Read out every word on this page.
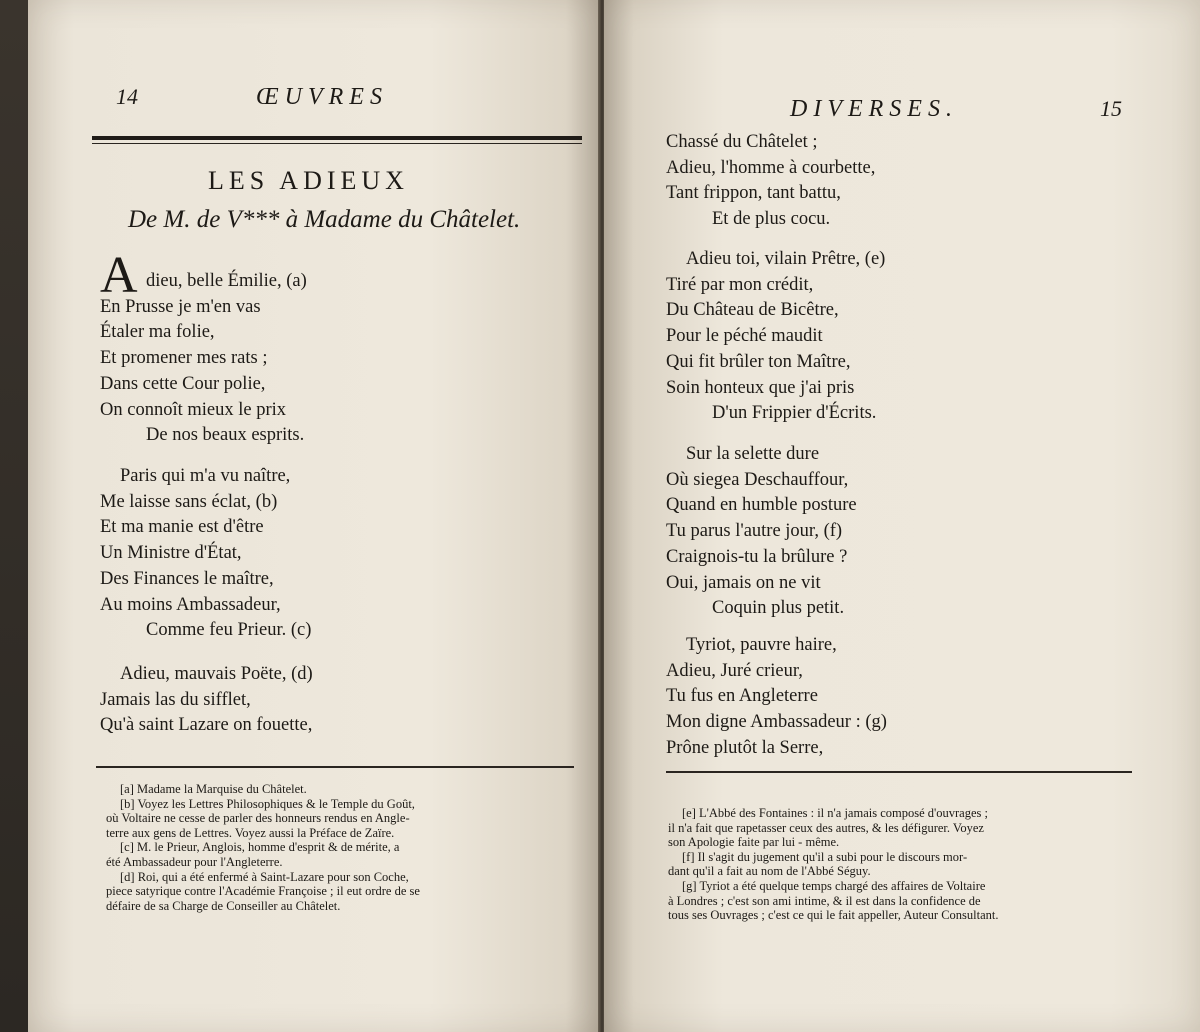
14	ŒUVRES
LES ADIEUX
De M. de V*** à Madame du Châtelet.
A dieu, belle Émilie, (a)
En Prusse je m'en vas
Étaler ma folie,
Et promener mes rats ;
Dans cette Cour polie,
On connoît mieux le prix
De nos beaux esprits.
Paris qui m'a vu naître,
Me laisse sans éclat, (b)
Et ma manie est d'être
Un Ministre d'État,
Des Finances le maître,
Au moins Ambassadeur,
Comme feu Prieur. (c)
Adieu, mauvais Poëte, (d)
Jamais las du sifflet,
Qu'à saint Lazare on fouette,
[a] Madame la Marquise du Châtelet.
[b] Voyez les Lettres Philosophiques & le Temple du Goût,
où Voltaire ne cesse de parler des honneurs rendus en Angle-
terre aux gens de Lettres. Voyez aussi la Préface de Zaïre.
[c] M. le Prieur, Anglois, homme d'esprit & de mérite, a
été Ambassadeur pour l'Angleterre.
[d] Roi, qui a été enfermé à Saint-Lazare pour son Coche,
piece satyrique contre l'Académie Françoise ; il eut ordre de se
défaire de sa Charge de Conseiller au Châtelet.
DIVERSES.	15
Chassé du Châtelet ;
Adieu, l'homme à courbette,
Tant frippon, tant battu,
Et de plus cocu.
Adieu toi, vilain Prêtre, (e)
Tiré par mon crédit,
Du Château de Bicêtre,
Pour le péché maudit
Qui fit brûler ton Maître,
Soin honteux que j'ai pris
D'un Frippier d'Écrits.
Sur la selette dure
Où siegea Deschauffour,
Quand en humble posture
Tu parus l'autre jour, (f)
Craignois-tu la brûlure ?
Oui, jamais on ne vit
Coquin plus petit.
Tyriot, pauvre haire,
Adieu, Juré crieur,
Tu fus en Angleterre
Mon digne Ambassadeur : (g)
Prône plutôt la Serre,
[e] L'Abbé des Fontaines : il n'a jamais composé d'ouvrages ;
il n'a fait que rapetasser ceux des autres, & les défigurer. Voyez
son Apologie faite par lui - même.
[f] Il s'agit du jugement qu'il a subi pour le discours mor-
dant qu'il a fait au nom de l'Abbé Séguy.
[g] Tyriot a été quelque temps chargé des affaires de Voltaire
à Londres ; c'est son ami intime, & il est dans la confidence de
tous ses Ouvrages ; c'est ce qui le fait appeller, Auteur Consultant.
